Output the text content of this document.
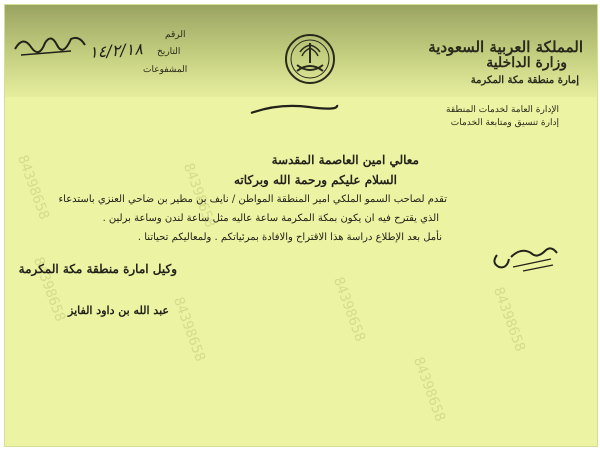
المملكة العربية السعودية
وزارة الداخلية
إمارة منطقة مكة المكرمة
الإدارة العامة لخدمات المنطقة
إدارة تنسيق ومتابعة الخدمات
الرقم
التاريخ
المشفوعات
١٤/٢/١٨
84398658	84398658
84398658
84398658	84398658	84398658
84398658
معالي امين العاصمة المقدسة
السلام عليكم ورحمة الله وبركاته
تقدم لصاحب السمو الملكي امير المنطقة المواطن / نايف بن مطير بن ضاحي العنزي باستدعاء
الذي يقترح فيه ان يكون بمكة المكرمة ساعة عاليه مثل ساعة لندن وساعة برلين .
نأمل بعد الإطلاع دراسة هذا الاقتراح والافادة بمرئياتكم . ولمعاليكم تحياتنا .
وكيل امارة منطقة مكة المكرمة
عبد الله بن داود الفايز
